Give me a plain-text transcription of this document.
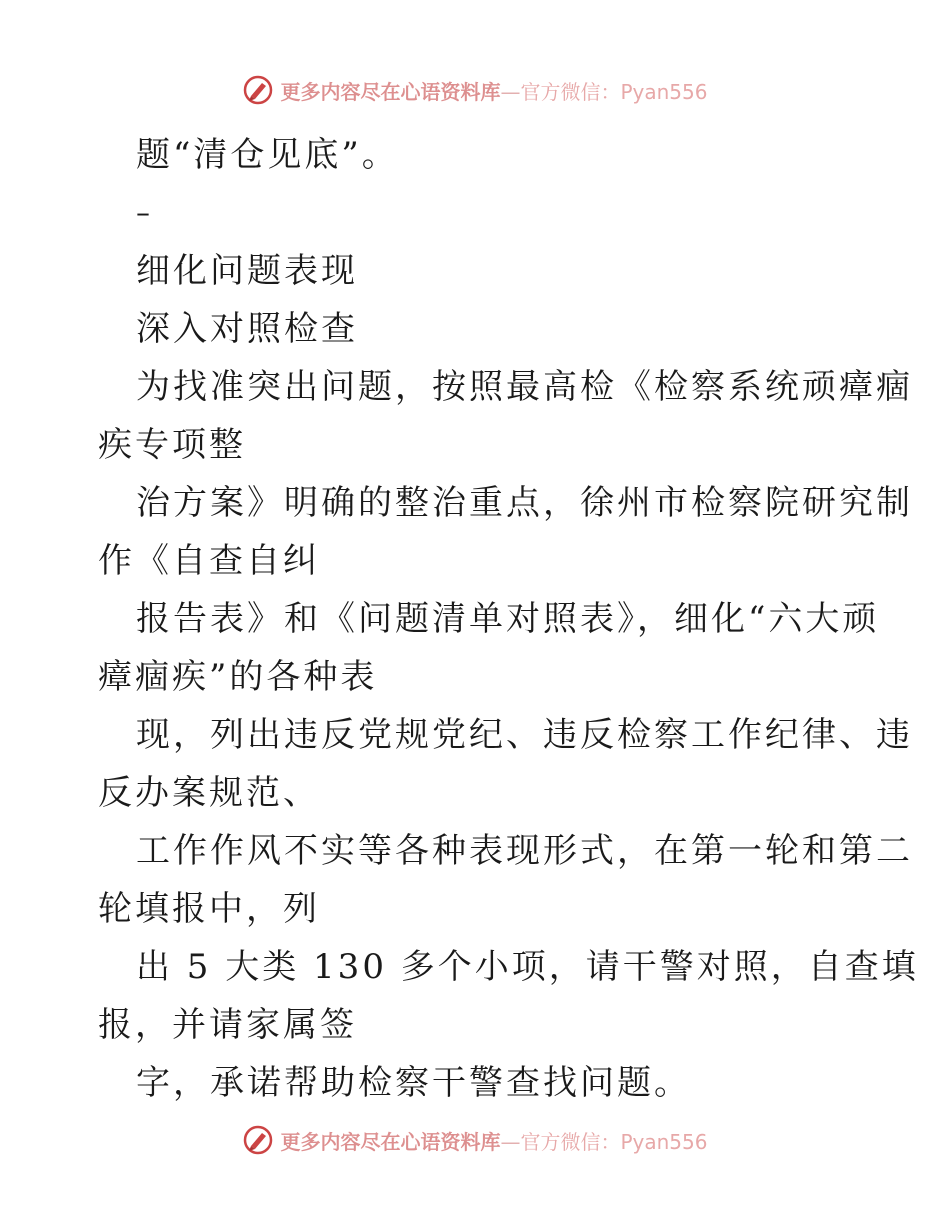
更多内容尽在心语资料库—官方微信：Pyan556
题“清仓见底”。
–
细化问题表现
深入对照检查
为找准突出问题，按照最高检《检察系统顽瘴痼
疾专项整
治方案》明确的整治重点，徐州市检察院研究制
作《自查自纠
报告表》和《问题清单对照表》，细化“六大顽
瘴痼疾”的各种表
现，列出违反党规党纪、违反检察工作纪律、违
反办案规范、
工作作风不实等各种表现形式，在第一轮和第二
轮填报中，列
出 5 大类 130 多个小项，请干警对照，自查填
报，并请家属签
字，承诺帮助检察干警查找问题。
更多内容尽在心语资料库—官方微信：Pyan556
